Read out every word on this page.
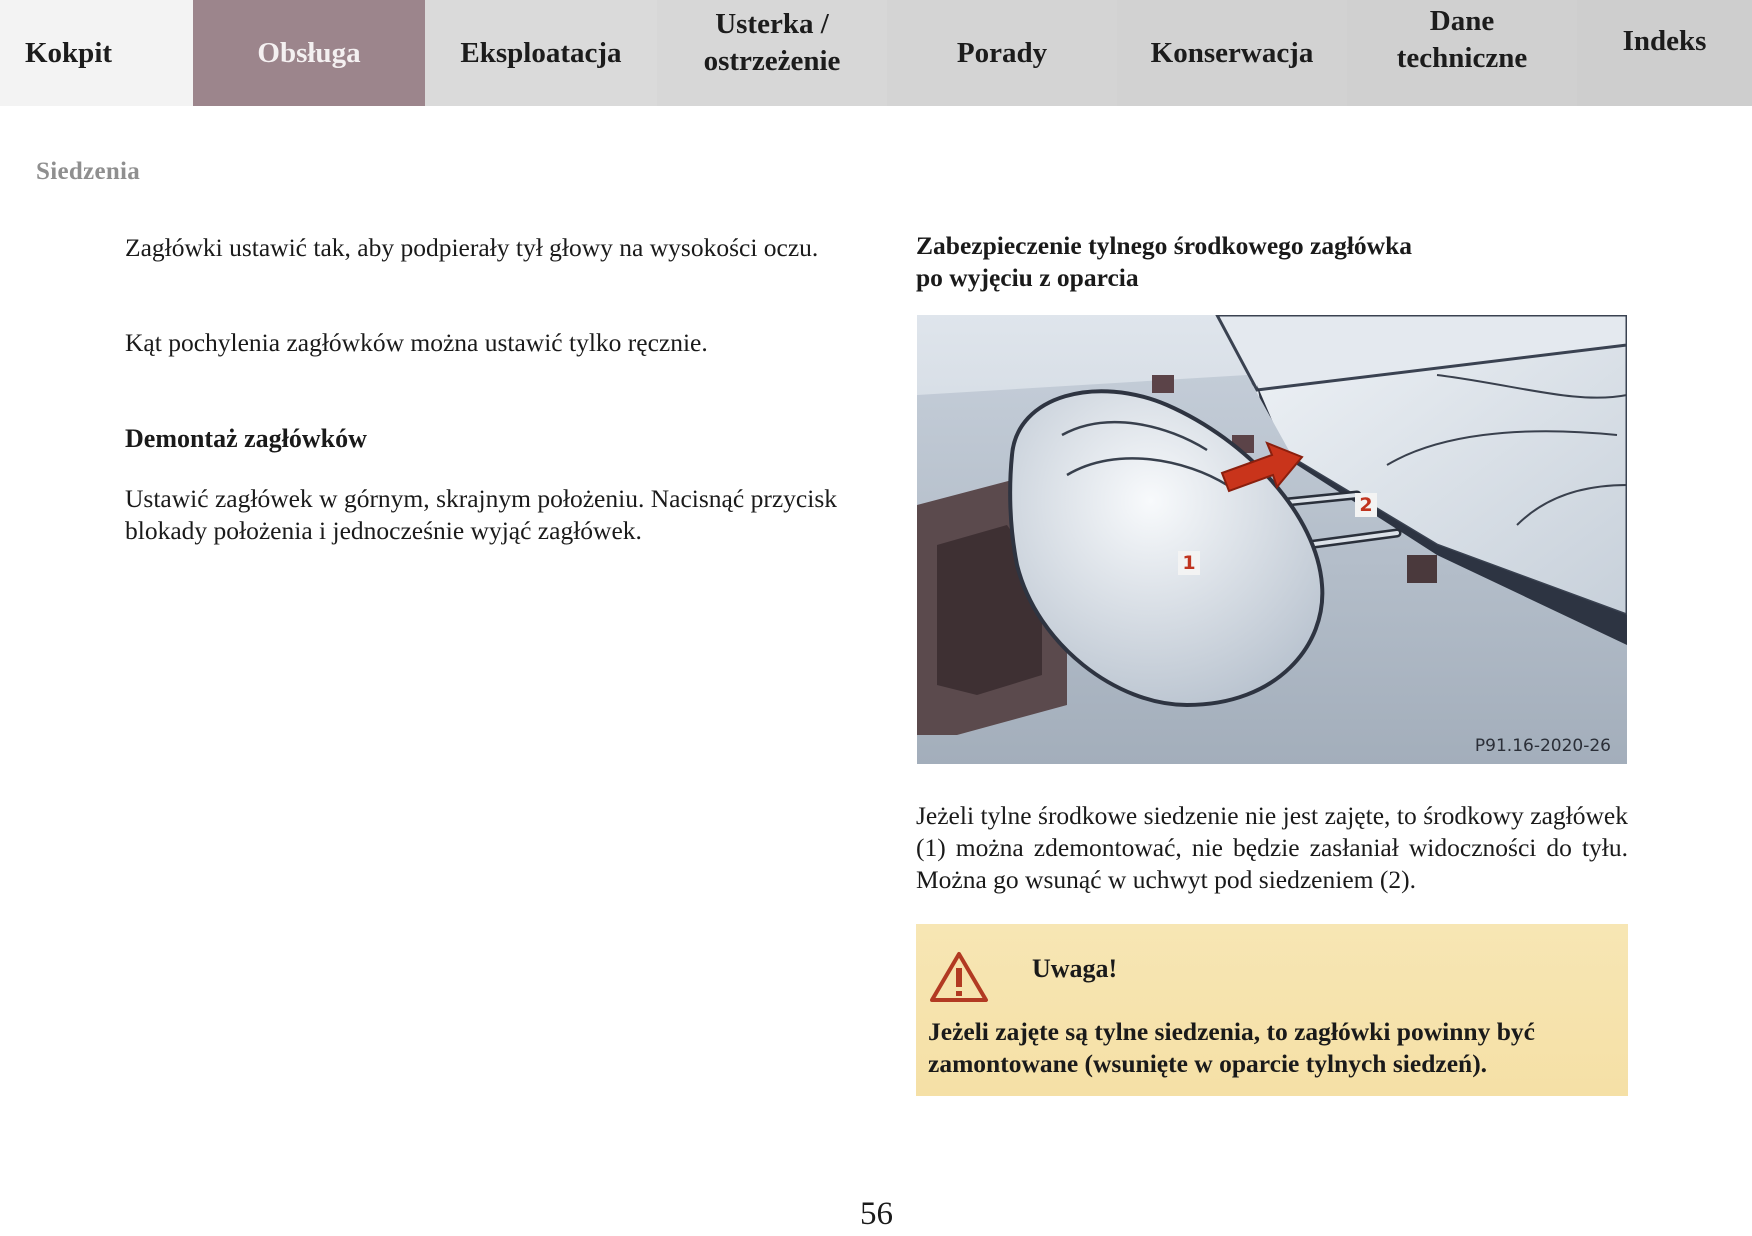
Kokpit	Obsługa	Eksploatacja
Usterka /
ostrzeżenie	Porady	Konserwacja
Dane
techniczne
Indeks
Siedzenia

Zagłówki ustawić tak, aby podpierały tył głowy na wysokości oczu.

Kąt pochylenia zagłówków można ustawić tylko ręcznie.

Demontaż zagłówków

Ustawić zagłówek w górnym, skrajnym położeniu. Nacisnąć przycisk blokady położenia i jednocześnie wyjąć zagłówek.

Zabezpieczenie tylnego środkowego zagłówka
po wyjęciu z oparcia
1
2
P91.16-2020-26

Jeżeli tylne środkowe siedzenie nie jest zajęte, to środkowy zagłówek (1) można zdemontować, nie będzie zasłaniał widoczności do tyłu. Można go wsunąć w uchwyt pod siedzeniem (2).

Uwaga!
Jeżeli zajęte są tylne siedzenia, to zagłówki powinny być zamontowane (wsunięte w oparcie tylnych siedzeń).
56
